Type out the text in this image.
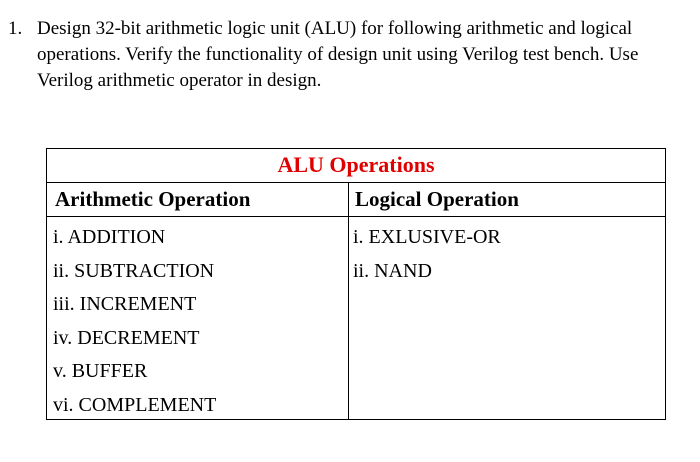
1. Design 32-bit arithmetic logic unit (ALU) for following arithmetic and logical operations. Verify the functionality of design unit using Verilog test bench. Use Verilog arithmetic operator in design.
ALU Operations
Arithmetic Operation	Logical Operation
i. ADDITION
ii. SUBTRACTION
iii. INCREMENT
iv. DECREMENT
v. BUFFER
vi. COMPLEMENT
i. EXLUSIVE-OR
ii. NAND
